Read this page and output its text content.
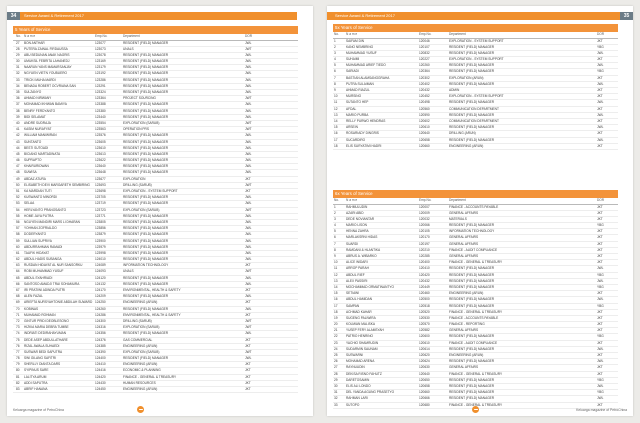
34	Service Award & Retirement 2017
5 Years of Service
No. N a m e	Emp.No.	Department	DOR
27	BON ANTHAR	123077	RESIDENT (FIELD) MANAGER	JWL
28	PUTERA ZAINAL FIRDAUSSA	123073	UNALS	JWT
29	ABU BEDUNAN ANAK NAGRIS	123078	RESIDENT (FIELD) MANAGER	JWL
30	UMUKSIL FEBRITA LAHANEDJ	123169	RESIDENT (FIELD) MANAGER	JWL
31	NAARUN YANS MAMARSANJAY	123179	RESIDENT (FIELD) MANAGER	JWL
32	NGYUEN VIETN YOUBUERO	123192	RESIDENT (FIELD) MANAGER	JWL
33	TRICKI MUHA MARDI	123286	RESIDENT (FIELD) MANAGER	JWL
34	BENADA ROBERT OCVRIANA SAN	123291	RESIDENT (FIELD) MANAGER	JWL
35	SULZANYO	123324	RESIDENT (FIELD) MANAGER	JWL
36	AHMAD NIRWANY	123364	PROJECT SOURCING	JWT
37	MOHAMAD IKHWAN BAMIYA	123388	RESIDENT (FIELD) MANAGER	JWL
38	BENRY FERDYANTO	123380	RESIDENT (FIELD) MANAGER	JWL
39	BIDI SELAMAT	123440	RESIDENT (FIELD) MANAGER	JWL
40	ANDRE SUDRAJA	123554	EXPLORATION (SARUB)	JWT
41	KASIM NURAFYAT	123563	OPERATION PRS	JWT
42	WILLIAM MANIWIRAN	123576	RESIDENT (FIELD) MANAGER	JWL
43	SUNTANTO	123605	RESIDENT (FIELD) MANAGER	JWL
44	BESTI SUTOADI	123610	RESIDENT (FIELD) MANAGER	JWL
45	BICIANO MARTADINATA	123613	RESIDENT (FIELD) MANAGER	JWL
46	SUPRAPTO	123622	RESIDENT (FIELD) MANAGER	JWL
47	KHAIRURIDWAN	123640	RESIDENT (FIELD) MANAGER	JWL
48	SUWISA	123648	RESIDENT (FIELD) MANAGER	JWL
49	ABDAZ ATURA	123677	EXPLORATION	JKT
50	ELISABETH DEVI MARGARETH SEMBIRING	123693	DRILLING (SARUB)	JWT
51	KA MARDIAN TUTI	123698	EXPLORATION - SYSTEM SUPPORT	JKT
52	KUSWANTO MINORDI	123705	RESIDENT (FIELD) MANAGER	JWL
53	SELAA	123719	RESIDENT (FIELD) MANAGER	JWL
54	HERLYANTO PRANOSANTO	123723	EXPLORATION (SARUB)	JWT
55	HOME JAYA PUTRA	123771	RESIDENT (FIELD) MANAGER	JWL
56	NGUYEN MANDIRI MARS LI DHARAN	123805	RESIDENT (FIELD) MANAGER	JWL
57	YOHHAN ZOFRIALDO	123856	RESIDENT (FIELD) MANAGER	JWL
58	DODERYANTO	123879	RESIDENT (FIELD) MANAGER	JWL
59	SULLIAN SUPRIYA	123900	RESIDENT (FIELD) MANAGER	JWL
60	ABDURRAHMAN RAMADI	123979	RESIDENT (FIELD) MANAGER	JWL
61	TAUFIK HIDAYAT	123998	RESIDENT (FIELD) MANAGER	JWL
62	ABDUL HADIS SUBANGA	124010	RESIDENT (FIELD) MANAGER	JWL
63	RUSDAN HIDAYAT AL NUR SANSORKU	124089	INFORMATION TECHNOLOGY	JKT
64	ROBI MUHAMMAD YUSUF	124093	UNALS	JWT
65	ABDUL SYAHRIADI	124120	RESIDENT (FIELD) MANAGER	JWL
66	SANTOSO AMADJI TRAI SOHAMURA	124132	RESIDENT (FIELD) MANAGER	JWL
67	IRI PRATIWI ADINDA PUTRI	124170	ENVIRONMENTAL, HEALTH & SAFETY	JKT
68	ALEN FAZAL	124209	RESIDENT (FIELD) MANAGER	JWL
69	ARIEFTA NURSYAHTONIE ABDILAH SUWARD 124250	ENGINEERING (ARUN)	JKT
70	KOBINAS	124260	RESIDENT (FIELD) MANAGER	JWL
71	MUHAMAD ROHMAN	124286	ENVIRONMENTAL, HEALTH & SAFETY	JKT
72	GINTUR PRIDI DEOBLESONO	124300	DRILLING (SARUB)	JWT
73	HIZKIA MARIA DEBRA TUMBE	124316	EXPLORATION (SARUB)	JWT
74	INDRIATI DEDIRAHAYUMAN	124356	RESIDENT (FIELD) MANAGER	JWL
75	DEDE ASEP ABDULLATHARE	124376	GAS COMMERCIAL	JKT
76	RIZAL AWALA SUHAEDI	124385	ENGINEERING (ARUN)	JKT
77	SUSWAR BEDI SAPUTRA	124390	EXPLORATION (SARUB)	JWT
78	SWI GILANG SAFITRI	124400	RESIDENT (FIELD) MANAGER	JWL
79	SHERLLY DIANTA DARS	124410	ENGINEERING (ARUN)	JKT
80	SYIPINUS SARE	124416	ECONOMIC & PLANNING	JKT
81	LALITYA ARUM	124420	FINANCE - GENERAL & TREASURY	JKT
82	ADDI SAPUTRA	124430	HUMAN RESOURCES	JKT
83	ABRIF HANANA	124450	ENGINEERING (ARUN)	JKT
Keluarga magazine of PetroChina
Service Award & Retirement 2017	35
5x Years of Service
No.	N a m e	Emp.No.	Department	DOR
1	SAIFAM DIN	120046	EXPLORATION - SYSTEM SUPPORT	JKT
2	KANO NEMBRING	120107	RESIDENT (FIELD) MANAGER	YBG
3	MUHAMMAD YUSUF	120832	RESIDENT (FIELD) MANAGER	JWL
4	SUHAIMI	120227	EXPLORATION - SYSTEM SUPPORT	JKT
5	MUHAMMAD ARIEF TIEDO	120260	RESIDENT (FIELD) MANAGER	JWL
6	SARIADI	120364	RESIDENT (FIELD) MANAGER	YBG
7	BASTIAN ALAMSANGGRAHA	120302	EXPLORATION (ARUN)	JKT
8	PUTRA SULAIMAN	120402	RESIDENT (FIELD) MANAGER	JWL
9	AHMAD RIAZUL	120432	ADMIN	JKT
10	MURSINO	120452	EXPLORATION - SYSTEM SUPPORT	JKT
11	SUTANTO HEP	120498	RESIDENT (FIELD) MANAGER	JWL
12	AFDAL	120560	COMMUNICATION DEPARTMENT	JKT
13	MARIO PURBA	120590	RESIDENT (FIELD) MANAGER	JWL
14	RELLY PURWO HENDRAS	120602	COMMUNICATION DEPARTMENT	JKT
15	ARSEIN	120610	RESIDENT (FIELD) MANAGER	JWL
16	ROSARIADY DINGRIS	120640	DRILLING (ARUN)	JKT
17	SUCARDIRO	120658	RESIDENT (FIELD) MANAGER	JWL
18	ELIS SURYATIMI HADRI	120660	ENGINEERING (ARUN)	JKT
6x Years of Service
No.	N a m e	Emp.No.	Department	DOR
1	RAHMULUDIN	120007	FINANCE - ACCOUNTS PAYABLE	JKT
2	AZARI ABID	120009	GENERAL AFFAIRS	JKT
3	DEDE NOVIANTAR	120032	MATERIALS	JKT
4	MARIO LISON	120066	RESIDENT (FIELD) MANAGER	YBG
5	HENNA ZAHRA	120105	INFORMATION TECHNOLOGY	JKT
6	MARLAKSRNI HIDAS	120170	GENERAL AFFAIRS	JKT
7	SUARDI	120197	GENERAL AFFAIRS	JKT
8	RAMDANI & HLANTIKA	120210	FINANCE - AUDIT COMPLIANCE	JKT
9	ABRUS A. WIBARKO	120285	GENERAL AFFAIRS	JKT
10	ALICE WIDARI	120400	FINANCE - GENERAL & TREASURY	JKT
11	ARROP PARAH	120410	RESIDENT (FIELD) MANAGER	JWL
12	ABDUL RIEF	120420	RESIDENT (FIELD) MANAGER	YBG
13	ALEX PASSIRI	120432	RESIDENT (FIELD) MANAGER	JWL
14	MOCHAMMAD ORMATINANTYO	120449	RESIDENT (FIELD) MANAGER	YBG
15	SETIAWI	120460	ENGINEERING (ARUN)	JKT
16	ABDUL HAMIDAN	120500	RESIDENT (FIELD) MANAGER	JWL
17	SAMPAN	120518	RESIDENT (FIELD) MANAGER	YBG
18	ACHMAD KAHAR	120520	FINANCE - GENERAL & TREASURY	JKT
19	SUGENG PALIWIRA	120530	FINANCE - ACCOUNTS PAYABLE	JKT
20	KOLMIAN MALISKA	120570	FINANCE - REPORTING	JKT
21	YUSEP FERY ALAMSYAH	120582	GENERAL AFFAIRS	JKT
22	PATRIO HENRINO	120600	RESIDENT (FIELD) MANAGER	YBG
23	YACHIO SHAMRUDIN	120610	FINANCE - AUDIT COMPLIANCE	JKT
24	SUDARMIN SAUNAM	120614	RESIDENT (FIELD) MANAGER	JWL
25	SUSWARNI	120620	ENGINEERING (ARUN)	JKT
26	MOHAMAD ARENA	120624	RESIDENT (FIELD) MANAGER	JWL
27	RAYNUUDIN	120630	GENERAL AFFAIRS	JKT
28	DEKISA RISNO FAHUTZ	120640	FINANCE - GENERAL & TREASURY	JKT
29	DARETOSAMIN	120650	RESIDENT (FIELD) MANAGER	YBG
30	ELIS ALI LONDO	120658	RESIDENT (FIELD) MANAGER	JWL
31	DEL YANDA AGUNG PRASETYO	120660	RESIDENT (FIELD) MANAGER	YBG
32	RAHMAN LARI	120666	RESIDENT (FIELD) MANAGER	JWL
33	SUTOPO	120680	FINANCE - GENERAL & TREASURY	JKT
Keluarga magazine of PetroChina
